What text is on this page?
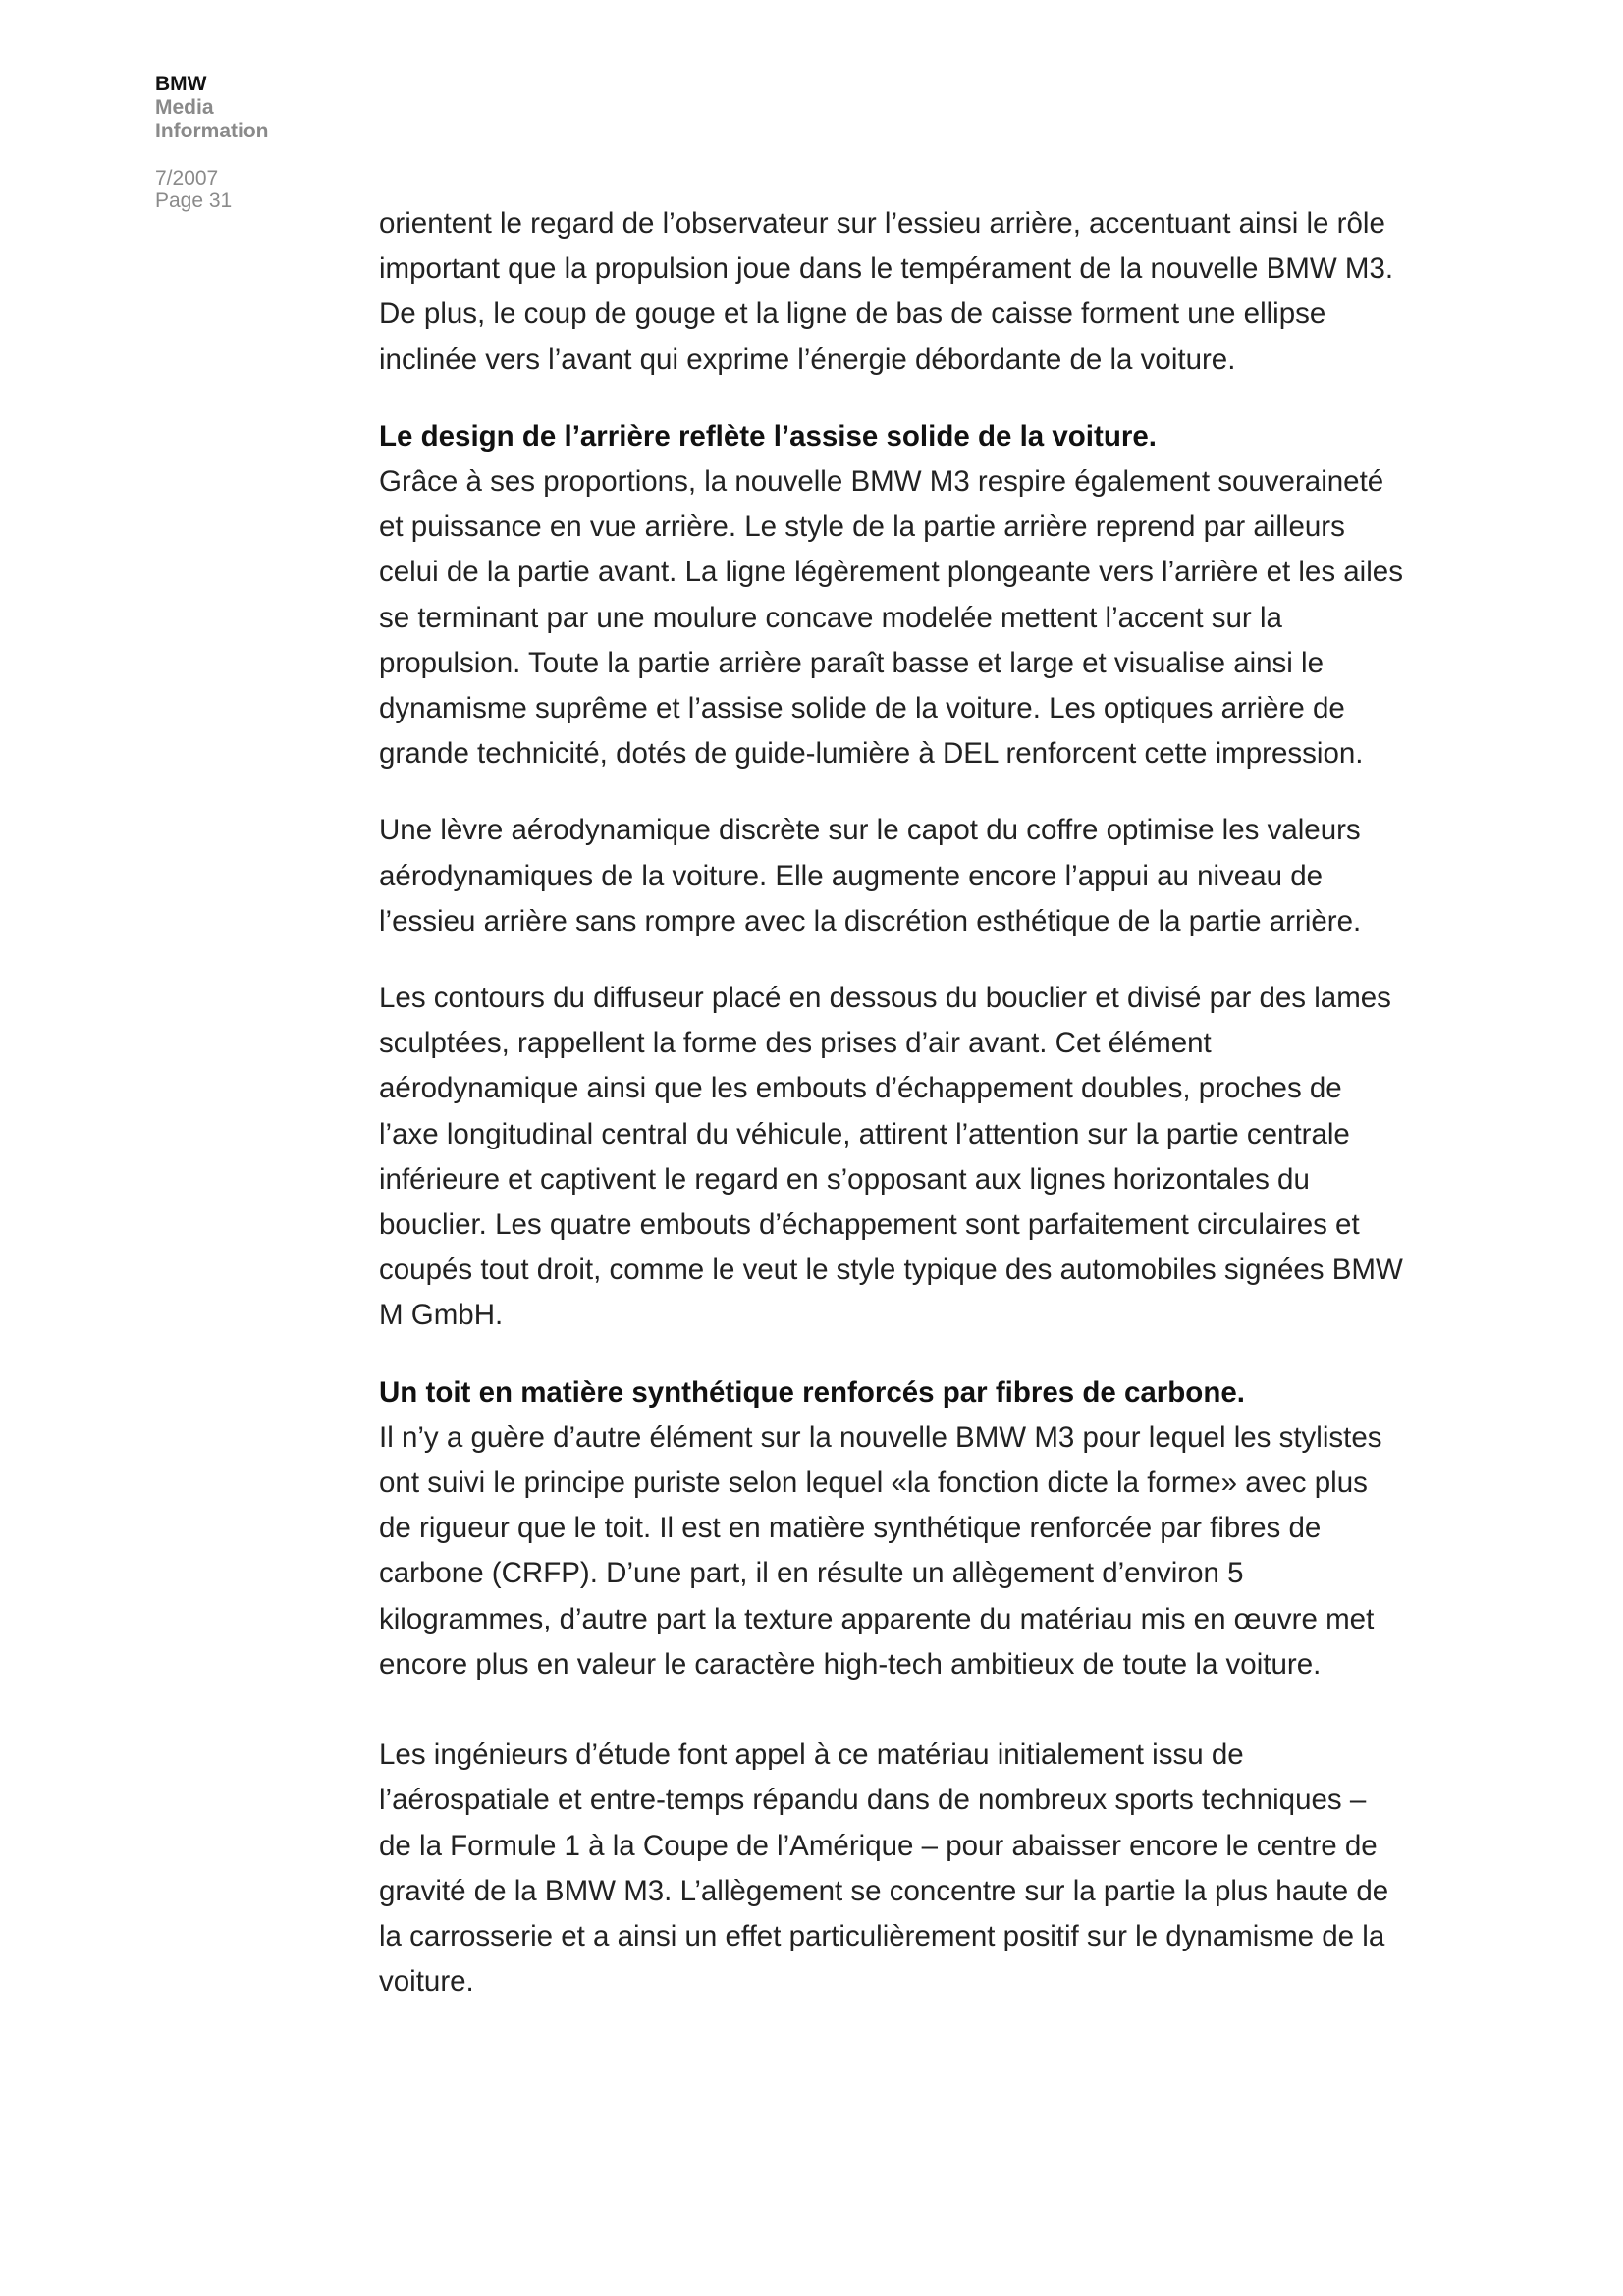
BMW
Media
Information
7/2007
Page 31

orientent le regard de l’observateur sur l’essieu arrière, accentuant ainsi le rôle important que la propulsion joue dans le tempérament de la nouvelle BMW M3. De plus, le coup de gouge et la ligne de bas de caisse forment une ellipse inclinée vers l’avant qui exprime l’énergie débordante de la voiture.

Le design de l’arrière reflète l’assise solide de la voiture.

Grâce à ses proportions, la nouvelle BMW M3 respire également souveraineté et puissance en vue arrière. Le style de la partie arrière reprend par ailleurs celui de la partie avant. La ligne légèrement plongeante vers l’arrière et les ailes se terminant par une moulure concave modelée mettent l’accent sur la propulsion. Toute la partie arrière paraît basse et large et visualise ainsi le dynamisme suprême et l’assise solide de la voiture. Les optiques arrière de grande technicité, dotés de guide-lumière à DEL renforcent cette impression.

Une lèvre aérodynamique discrète sur le capot du coffre optimise les valeurs aérodynamiques de la voiture. Elle augmente encore l’appui au niveau de l’essieu arrière sans rompre avec la discrétion esthétique de la partie arrière.

Les contours du diffuseur placé en dessous du bouclier et divisé par des lames sculptées, rappellent la forme des prises d’air avant. Cet élément aérodynamique ainsi que les embouts d’échappement doubles, proches de l’axe longitudinal central du véhicule, attirent l’attention sur la partie centrale inférieure et captivent le regard en s’opposant aux lignes horizontales du bouclier. Les quatre embouts d’échappement sont parfaitement circulaires et coupés tout droit, comme le veut le style typique des automobiles signées BMW M GmbH.

Un toit en matière synthétique renforcés par fibres de carbone.

Il n’y a guère d’autre élément sur la nouvelle BMW M3 pour lequel les stylistes ont suivi le principe puriste selon lequel «la fonction dicte la forme» avec plus de rigueur que le toit. Il est en matière synthétique renforcée par fibres de carbone (CRFP). D’une part, il en résulte un allègement d’environ 5 kilogrammes, d’autre part la texture apparente du matériau mis en œuvre met encore plus en valeur le caractère high-tech ambitieux de toute la voiture.

Les ingénieurs d’étude font appel à ce matériau initialement issu de l’aérospatiale et entre-temps répandu dans de nombreux sports techniques – de la Formule 1 à la Coupe de l’Amérique – pour abaisser encore le centre de gravité de la BMW M3. L’allègement se concentre sur la partie la plus haute de la carrosserie et a ainsi un effet particulièrement positif sur le dynamisme de la voiture.
